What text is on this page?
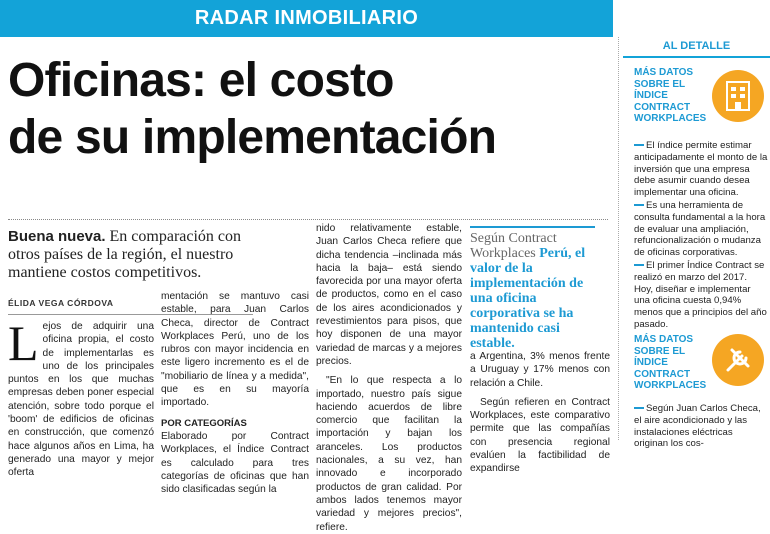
RADAR INMOBILIARIO
Oficinas: el costo
de su implementación
Buena nueva. En comparación con otros países de la región, el nuestro mantiene costos competitivos.
ÉLIDA VEGA CÓRDOVA
Lejos de adquirir una oficina propia, el costo de implementarlas es uno de los principales puntos en los que muchas empresas deben poner especial atención, sobre todo porque el 'boom' de edificios de oficinas en construcción, que comenzó hace algunos años en Lima, ha generado una mayor y mejor oferta
mentación se mantuvo casi estable, para Juan Carlos Checa, director de Contract Workplaces Perú, uno de los rubros con mayor incidencia en este ligero incremento es el de "mobiliario de línea y a medida", que es en su mayoría importado.
POR CATEGORÍAS
Elaborado por Contract Workplaces, el Índice Contract es calculado para tres categorías de oficinas que han sido clasificadas según la
nido relativamente estable, Juan Carlos Checa refiere que dicha tendencia –inclinada más hacia la baja– está siendo favorecida por una mayor oferta de productos, como en el caso de los aires acondicionados y revestimientos para pisos, que hoy disponen de una mayor variedad de marcas y a mejores precios.
"En lo que respecta a lo importado, nuestro país sigue haciendo acuerdos de libre comercio que facilitan la importación y bajan los aranceles. Los productos nacionales, a su vez, han innovado e incorporado productos de gran calidad. Por ambos lados tenemos mayor variedad y mejores precios", refiere.
Según Contract Workplaces Perú, el valor de la implementación de una oficina corporativa se ha mantenido casi estable.
a Argentina, 3% menos frente a Uruguay y 17% menos con relación a Chile.
Según refieren en Contract Workplaces, este comparativo permite que las compañías con presencia regional evalúen la factibilidad de expandirse
AL DETALLE
MÁS DATOS SOBRE EL ÍNDICE CONTRACT WORKPLACES

El índice permite estimar anticipadamente el monto de la inversión que una empresa debe asumir cuando desea implementar una oficina.

Es una herramienta de consulta fundamental a la hora de evaluar una ampliación, refuncionalización o mudanza de oficinas corporativas.

El primer Índice Contract se realizó en marzo del 2017. Hoy, diseñar e implementar una oficina cuesta 0,94% menos que a principios del año pasado.

MÁS DATOS SOBRE EL ÍNDICE CONTRACT WORKPLACES

Según Juan Carlos Checa, el aire acondicionado y las instalaciones eléctricas originan los cos-
